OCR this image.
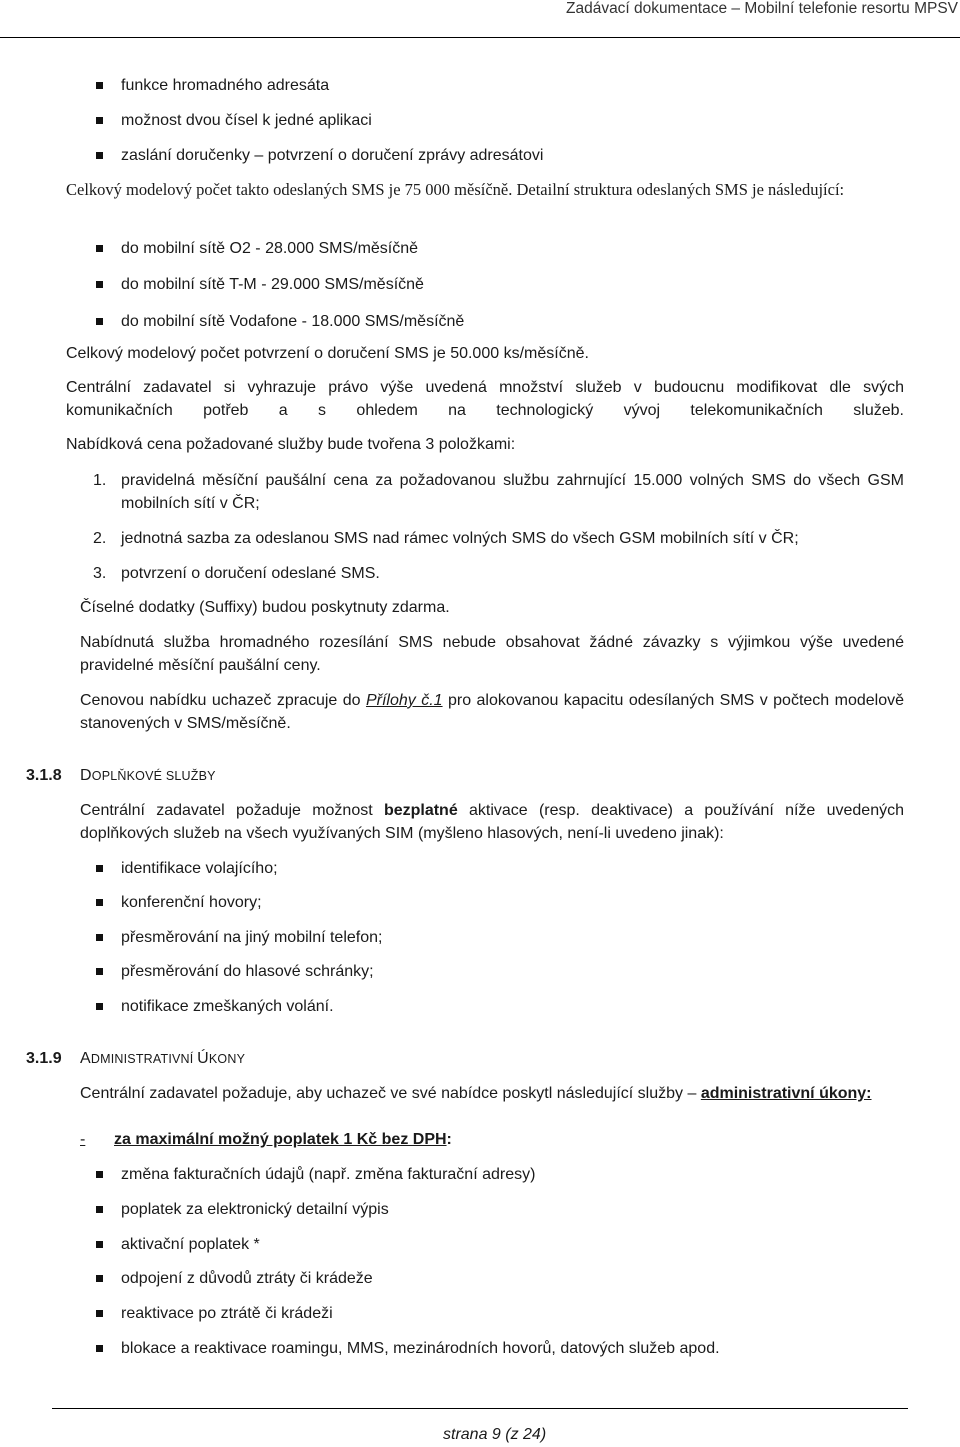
Zadávací dokumentace – Mobilní telefonie resortu MPSV
funkce hromadného adresáta
možnost dvou čísel k jedné aplikaci
zaslání doručenky – potvrzení o doručení zprávy adresátovi
Celkový modelový počet takto odeslaných SMS je 75 000 měsíčně. Detailní struktura odeslaných SMS je následující:
do mobilní sítě O2 - 28.000 SMS/měsíčně
do mobilní sítě T-M - 29.000 SMS/měsíčně
do mobilní sítě Vodafone - 18.000 SMS/měsíčně
Celkový modelový počet potvrzení o doručení SMS je 50.000 ks/měsíčně.
Centrální zadavatel si vyhrazuje právo výše uvedená množství služeb v budoucnu modifikovat dle svých komunikačních potřeb a s ohledem na technologický vývoj telekomunikačních služeb.
Nabídková cena požadované služby bude tvořena 3 položkami:
1. pravidelná měsíční paušální cena za požadovanou službu zahrnující 15.000 volných SMS do všech GSM mobilních sítí v ČR;
2. jednotná sazba za odeslanou SMS nad rámec volných SMS do všech GSM mobilních sítí v ČR;
3. potvrzení o doručení odeslané SMS.
Číselné dodatky (Suffixy) budou poskytnuty zdarma.
Nabídnutá služba hromadného rozesílání SMS nebude obsahovat žádné závazky s výjimkou výše uvedené pravidelné měsíční paušální ceny.
Cenovou nabídku uchazeč zpracuje do Přílohy č.1 pro alokovanou kapacitu odesílaných SMS v počtech modelově stanovených v SMS/měsíčně.
3.1.8 DOPLŇKOVÉ SLUŽBY
Centrální zadavatel požaduje možnost bezplatné aktivace (resp. deaktivace) a používání níže uvedených doplňkových služeb na všech využívaných SIM (myšleno hlasových, není-li uvedeno jinak):
identifikace volajícího;
konferenční hovory;
přesměrování na jiný mobilní telefon;
přesměrování do hlasové schránky;
notifikace zmeškaných volání.
3.1.9 ADMINISTRATIVNÍ ÚKONY
Centrální zadavatel požaduje, aby uchazeč ve své nabídce poskytl následující služby – administrativní úkony:
- za maximální možný poplatek 1 Kč bez DPH:
změna fakturačních údajů (např. změna fakturační adresy)
poplatek za elektronický detailní výpis
aktivační poplatek *
odpojení z důvodů ztráty či krádeže
reaktivace po ztrátě či krádeži
blokace a reaktivace roamingu, MMS, mezinárodních hovorů, datových služeb apod.
strana 9 (z 24)
